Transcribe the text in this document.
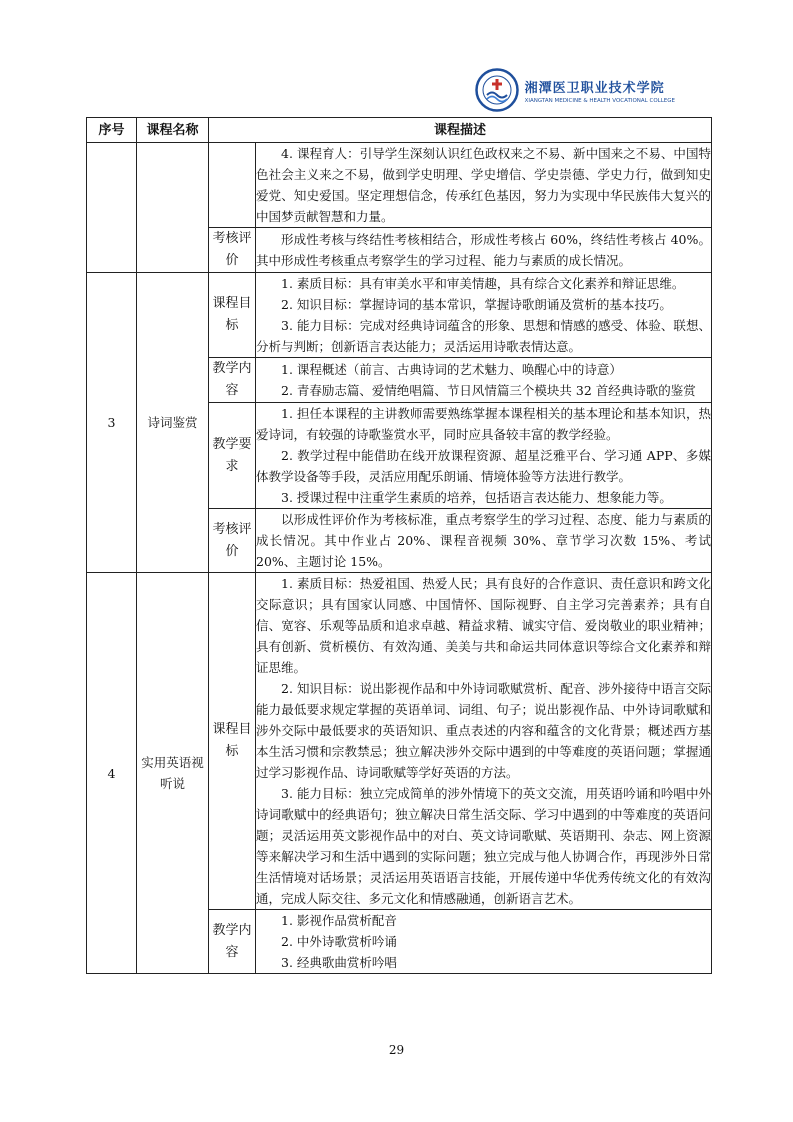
湘潭医卫职业技术学院
XIANGTAN MEDICINE & HEALTH VOCATIONAL COLLEGE
序号	课程名称	课程描述	

			4. 课程育人：引导学生深刻认识红色政权来之不易、新中国来之不易、中国特色社会主义来之不易，做到学史明理、学史增信、学史崇德、学史力行，做到知史爱党、知史爱国。坚定理想信念，传承红色基因，努力为实现中华民族伟大复兴的中国梦贡献智慧和力量。

		考核评价	形成性考核与终结性考核相结合，形成性考核占 60%，终结性考核占 40%。其中形成性考核重点考察学生的学习过程、能力与素质的成长情况。

3	诗词鉴赏	课程目标	1. 素质目标：具有审美水平和审美情趣，具有综合文化素养和辩证思维。

2. 知识目标：掌握诗词的基本常识，掌握诗歌朗诵及赏析的基本技巧。

3. 能力目标：完成对经典诗词蕴含的形象、思想和情感的感受、体验、联想、分析与判断；创新语言表达能力；灵活运用诗歌表情达意。

		教学内容	1. 课程概述（前言、古典诗词的艺术魅力、唤醒心中的诗意）

2. 青春励志篇、爱情绝唱篇、节日风情篇三个模块共 32 首经典诗歌的鉴赏

		教学要求	1. 担任本课程的主讲教师需要熟练掌握本课程相关的基本理论和基本知识，热爱诗词，有较强的诗歌鉴赏水平，同时应具备较丰富的教学经验。

2. 教学过程中能借助在线开放课程资源、超星泛雅平台、学习通 APP、多媒体教学设备等手段，灵活应用配乐朗诵、情境体验等方法进行教学。

3. 授课过程中注重学生素质的培养，包括语言表达能力、想象能力等。

		考核评价	以形成性评价作为考核标准，重点考察学生的学习过程、态度、能力与素质的成长情况。其中作业占 20%、课程音视频 30%、章节学习次数 15%、考试 20%、主题讨论 15%。

4	实用英语视听说	课程目标	1. 素质目标：热爱祖国、热爱人民；具有良好的合作意识、责任意识和跨文化交际意识；具有国家认同感、中国情怀、国际视野、自主学习完善素养；具有自信、宽容、乐观等品质和追求卓越、精益求精、诚实守信、爱岗敬业的职业精神；具有创新、赏析模仿、有效沟通、美美与共和命运共同体意识等综合文化素养和辩证思维。

2. 知识目标：说出影视作品和中外诗词歌赋赏析、配音、涉外接待中语言交际能力最低要求规定掌握的英语单词、词组、句子；说出影视作品、中外诗词歌赋和涉外交际中最低要求的英语知识、重点表述的内容和蕴含的文化背景；概述西方基本生活习惯和宗教禁忌；独立解决涉外交际中遇到的中等难度的英语问题；掌握通过学习影视作品、诗词歌赋等学好英语的方法。

3. 能力目标：独立完成简单的涉外情境下的英文交流，用英语吟诵和吟唱中外诗词歌赋中的经典语句；独立解决日常生活交际、学习中遇到的中等难度的英语问题；灵活运用英文影视作品中的对白、英文诗词歌赋、英语期刊、杂志、网上资源等来解决学习和生活中遇到的实际问题；独立完成与他人协调合作，再现涉外日常生活情境对话场景；灵活运用英语语言技能，开展传递中华优秀传统文化的有效沟通，完成人际交往、多元文化和情感融通，创新语言艺术。

		教学内容	1. 影视作品赏析配音

2. 中外诗歌赏析吟诵

3. 经典歌曲赏析吟唱

29
